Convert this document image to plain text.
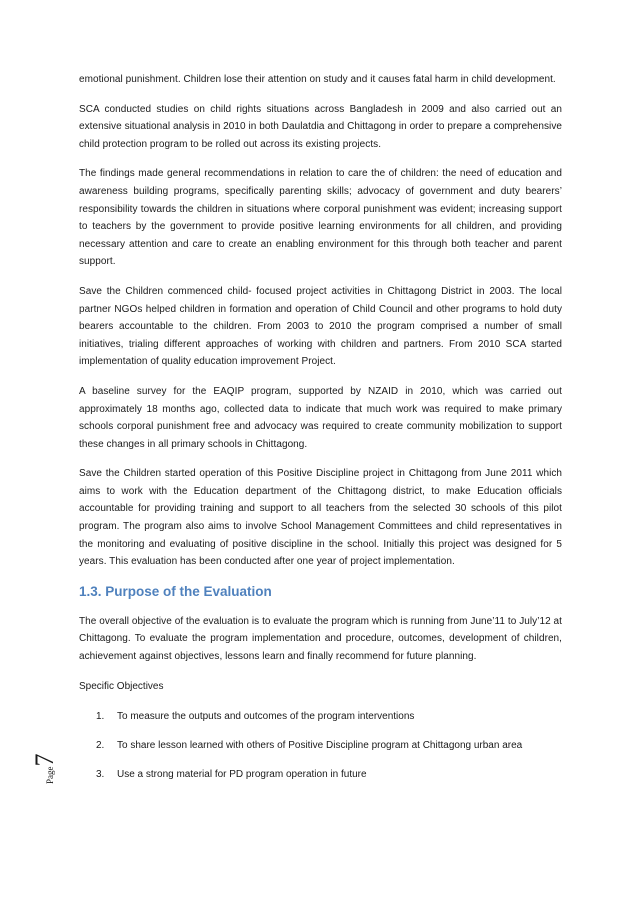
emotional punishment. Children lose their attention on study and it causes fatal harm in child development.

SCA conducted studies on child rights situations across Bangladesh in 2009 and also carried out an extensive situational analysis in 2010 in both Daulatdia and Chittagong in order to prepare a comprehensive child protection program to be rolled out across its existing projects.

The findings made general recommendations in relation to care the of children: the need of education and awareness building programs, specifically parenting skills; advocacy of government and duty bearers’ responsibility towards the children in situations where corporal punishment was evident; increasing support to teachers by the government to provide positive learning environments for all children, and providing necessary attention and care to create an enabling environment for this through both teacher and parent support.

Save the Children commenced child- focused project activities in Chittagong District in 2003. The local partner NGOs helped children in formation and operation of Child Council and other programs to hold duty bearers accountable to the children. From 2003 to 2010 the program comprised a number of small initiatives, trialing different approaches of working with children and partners. From 2010 SCA started implementation of quality education improvement Project.

A baseline survey for the EAQIP program, supported by NZAID in 2010, which was carried out approximately 18 months ago, collected data to indicate that much work was required to make primary schools corporal punishment free and advocacy was required to create community mobilization to support these changes in all primary schools in Chittagong.

Save the Children started operation of this Positive Discipline project in Chittagong from June 2011 which aims to work with the Education department of the Chittagong district, to make Education officials accountable for providing training and support to all teachers from the selected 30 schools of this pilot program. The program also aims to involve School Management Committees and child representatives in the monitoring and evaluating of positive discipline in the school. Initially this project was designed for 5 years. This evaluation has been conducted after one year of project implementation.

1.3. Purpose of the Evaluation

The overall objective of the evaluation is to evaluate the program which is running from June’11 to July’12 at Chittagong. To evaluate the program implementation and procedure, outcomes, development of children, achievement against objectives, lessons learn and finally recommend for future planning.

Specific Objectives
1. To measure the outputs and outcomes of the program interventions
2. To share lesson learned with others of Positive Discipline program at Chittagong urban area
3. Use a strong material for PD program operation in future
Page7
